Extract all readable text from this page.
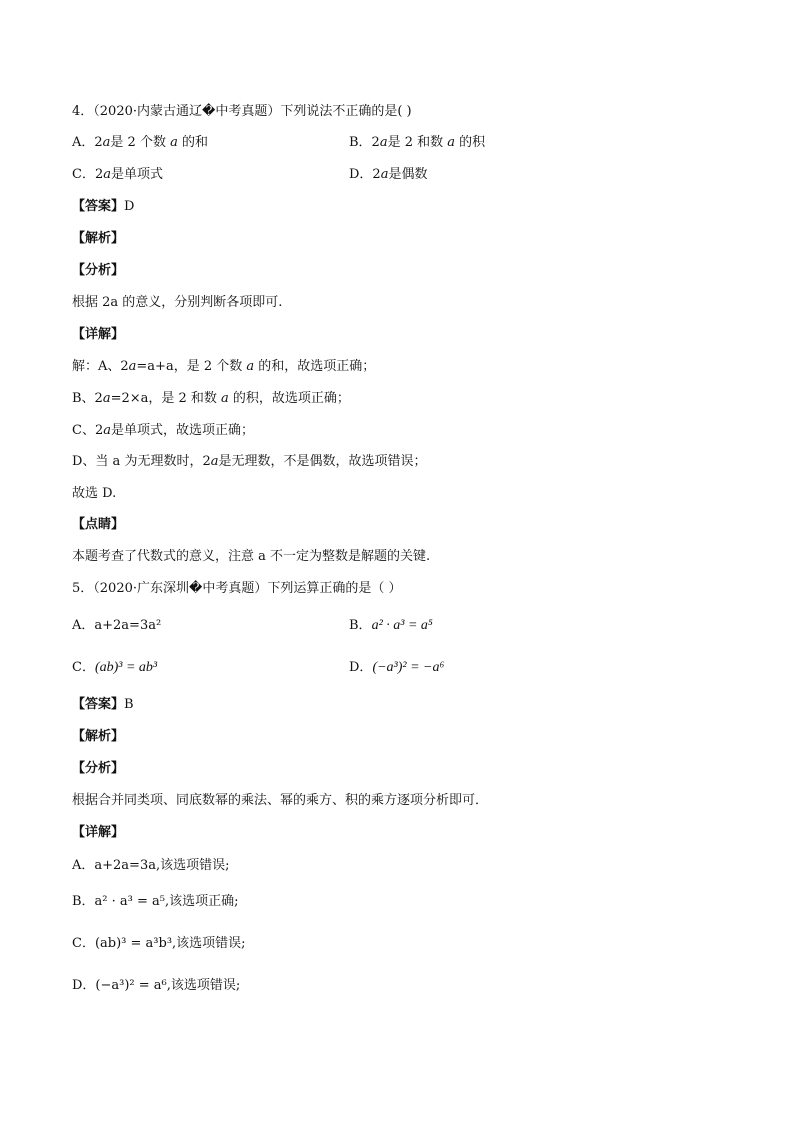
4．（2020·内蒙古通辽�中考真题）下列说法不正确的是( )
A．2𝑎是 2 个数 𝑎 的和	B．2𝑎是 2 和数 𝑎 的积
C．2𝑎是单项式	D．2𝑎是偶数
【答案】D
【解析】
【分析】
根据 2a 的意义，分别判断各项即可.
【详解】
解：A、2𝑎=a+a，是 2 个数 𝑎 的和，故选项正确；
B、2𝑎=2×a，是 2 和数 𝑎 的积，故选项正确；
C、2𝑎是单项式，故选项正确；
D、当 a 为无理数时，2𝑎是无理数，不是偶数，故选项错误；
故选 D.
【点睛】
本题考查了代数式的意义，注意 a 不一定为整数是解题的关键.
5．（2020·广东深圳�中考真题）下列运算正确的是（ ）
A．a+2a=3a²	B．a² · a³ = a⁵
C．(ab)³ = ab³	D．(−a³)² = −a⁶
【答案】B
【解析】
【分析】
根据合并同类项、同底数幂的乘法、幂的乘方、积的乘方逐项分析即可．
【详解】
A．a+2a=3a,该选项错误;
B．a² · a³ = a⁵,该选项正确;
C．(ab)³ = a³b³,该选项错误;
D．(−a³)² = a⁶,该选项错误;
